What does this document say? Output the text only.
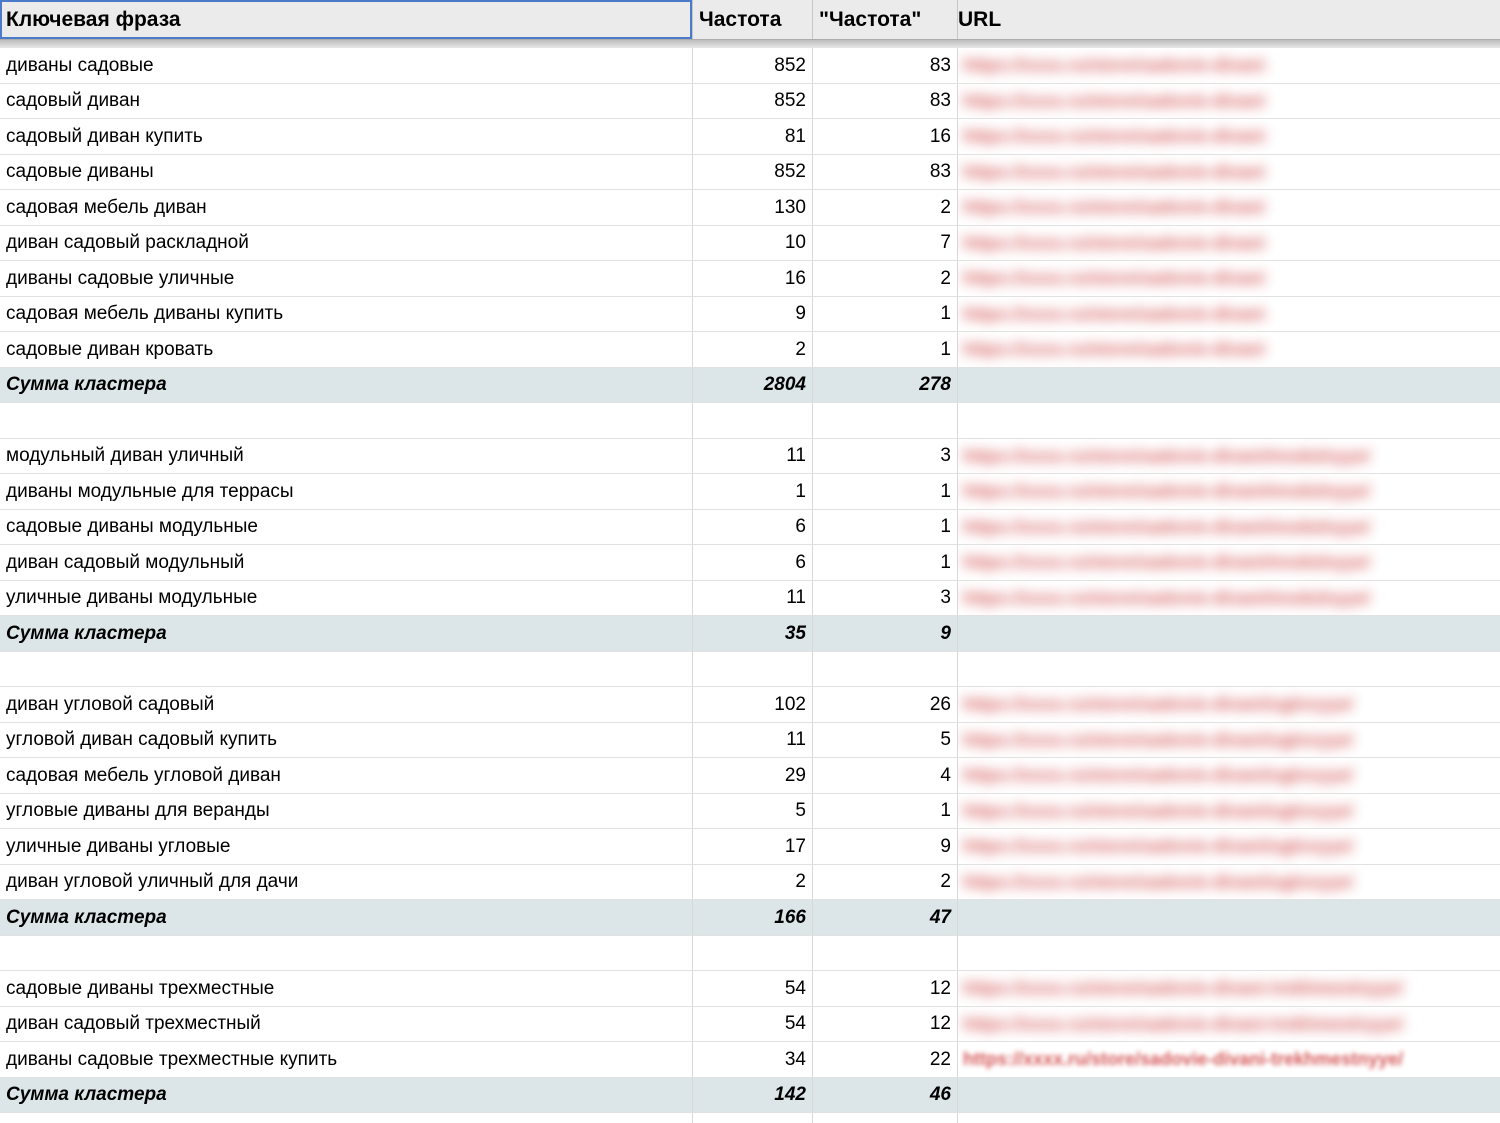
Ключевая фраза	Частота	"Частота"	URL
диваны садовые	852	83 https://xxxx.ru/store/sadovie-divani
садовый диван	852	83 https://xxxx.ru/store/sadovie-divani
садовый диван купить	81	16 https://xxxx.ru/store/sadovie-divani
садовые диваны	852	83 https://xxxx.ru/store/sadovie-divani
садовая мебель диван	130	2 https://xxxx.ru/store/sadovie-divani
диван садовый раскладной	10	7 https://xxxx.ru/store/sadovie-divani
диваны садовые уличные	16	2 https://xxxx.ru/store/sadovie-divani
садовая мебель диваны купить	9	1 https://xxxx.ru/store/sadovie-divani
садовые диван кровать	2	1 https://xxxx.ru/store/sadovie-divani
Сумма кластера	2804	278
модульный диван уличный	11	3 https://xxxx.ru/store/sadovie-divani/modulnyye/
диваны модульные для террасы	1	1 https://xxxx.ru/store/sadovie-divani/modulnyye/
садовые диваны модульные	6	1 https://xxxx.ru/store/sadovie-divani/modulnyye/
диван садовый модульный	6	1 https://xxxx.ru/store/sadovie-divani/modulnyye/
уличные диваны модульные	11	3 https://xxxx.ru/store/sadovie-divani/modulnyye/
Сумма кластера	35	9
диван угловой садовый	102	26 https://xxxx.ru/store/sadovie-divani/uglovyye/
угловой диван садовый купить	11	5 https://xxxx.ru/store/sadovie-divani/uglovyye/
садовая мебель угловой диван	29	4 https://xxxx.ru/store/sadovie-divani/uglovyye/
угловые диваны для веранды	5	1 https://xxxx.ru/store/sadovie-divani/uglovyye/
уличные диваны угловые	17	9 https://xxxx.ru/store/sadovie-divani/uglovyye/
диван угловой уличный для дачи	2	2 https://xxxx.ru/store/sadovie-divani/uglovyye/
Сумма кластера	166	47
садовые диваны трехместные	54	12 https://xxxx.ru/store/sadovie-divani-trekhmestnyye/
диван садовый трехместный	54	12 https://xxxx.ru/store/sadovie-divani-trekhmestnyye/
диваны садовые трехместные купить	34	22 https://xxxx.ru/store/sadovie-divani-trekhmestnyye/
Сумма кластера	142	46
